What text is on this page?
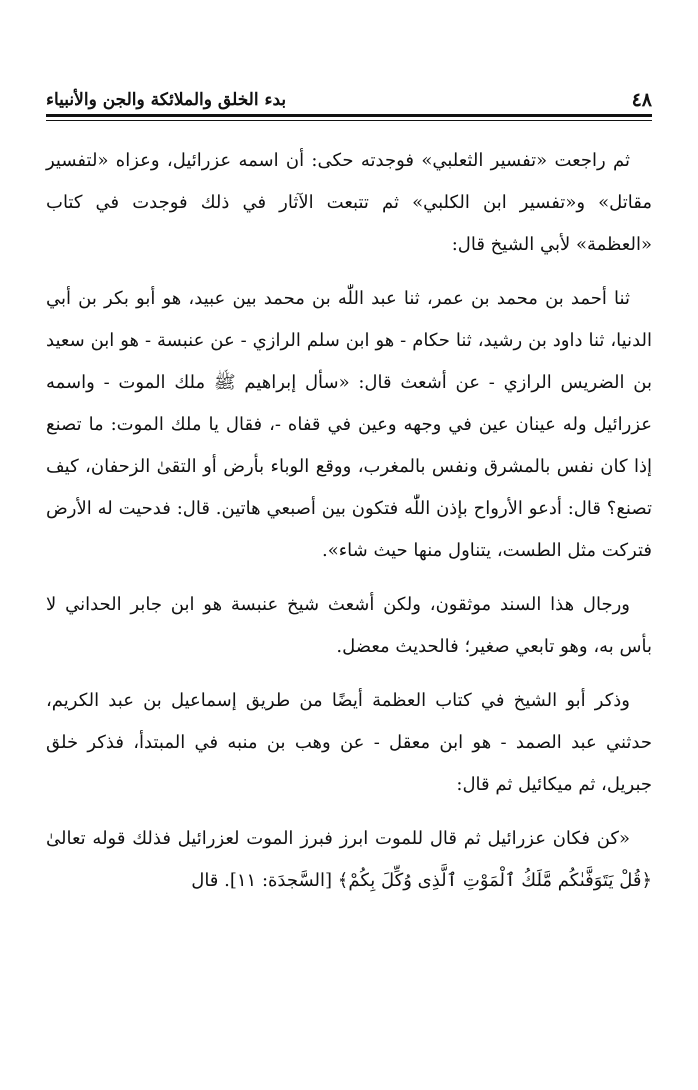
٤٨
بدء الخلق والملائكة والجن والأنبياء

ثم راجعت «تفسير الثعلبي» فوجدته حكى: أن اسمه عزرائيل، وعزاه «لتفسير مقاتل» و«تفسير ابن الكلبي» ثم تتبعت الآثار في ذلك فوجدت في كتاب «العظمة» لأبي الشيخ قال:

ثنا أحمد بن محمد بن عمر، ثنا عبد اللّٰه بن محمد بين عبيد، هو أبو بكر بن أبي الدنيا، ثنا داود بن رشيد، ثنا حكام - هو ابن سلم الرازي - عن عنبسة - هو ابن سعيد بن الضريس الرازي - عن أشعث قال: «سأل إبراهيم ﷺ ملك الموت - واسمه عزرائيل وله عينان عين في وجهه وعين في قفاه -، فقال يا ملك الموت: ما تصنع إذا كان نفس بالمشرق ونفس بالمغرب، ووقع الوباء بأرض أو التقىٰ الزحفان، كيف تصنع؟ قال: أدعو الأرواح بإذن اللّٰه فتكون بين أصبعي هاتين. قال: فدحيت له الأرض فتركت مثل الطست، يتناول منها حيث شاء».

ورجال هذا السند موثقون، ولكن أشعث شيخ عنبسة هو ابن جابر الحداني لا بأس به، وهو تابعي صغير؛ فالحديث معضل.

وذكر أبو الشيخ في كتاب العظمة أيضًا من طريق إسماعيل بن عبد الكريم، حدثني عبد الصمد - هو ابن معقل - عن وهب بن منبه في المبتدأ، فذكر خلق جبريل، ثم ميكائيل ثم قال:

«كن فكان عزرائيل ثم قال للموت ابرز فبرز الموت لعزرائيل فذلك قوله تعالىٰ ﴿قُلْ يَتَوَفَّىٰكُم مَّلَكُ ٱلْمَوْتِ ٱلَّذِى وُكِّلَ بِكُمْ﴾ [السَّجدَة: ١١]. قال
